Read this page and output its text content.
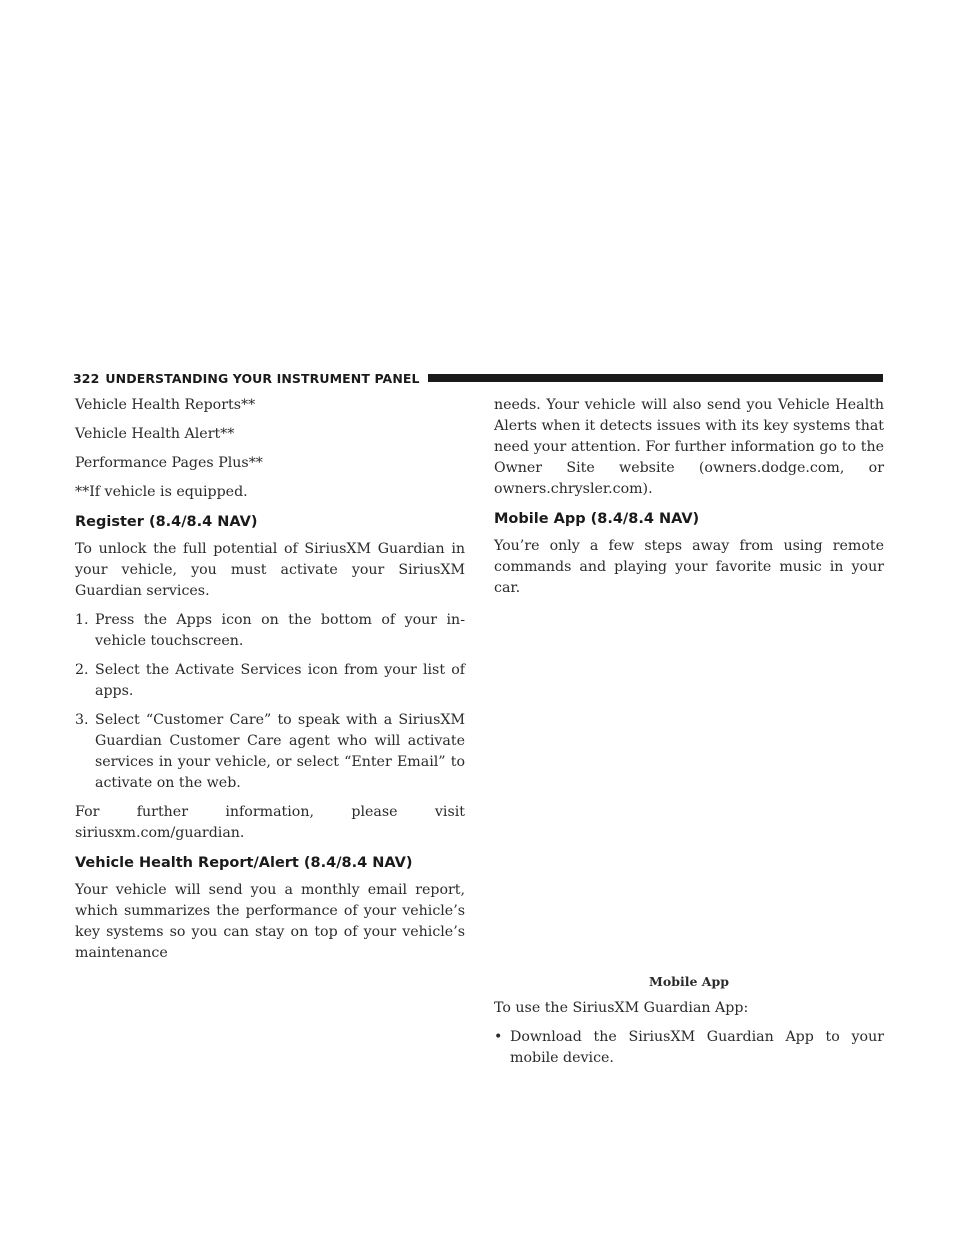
322 UNDERSTANDING YOUR INSTRUMENT PANEL

Vehicle Health Reports**

Vehicle Health Alert**

Performance Pages Plus**

**If vehicle is equipped.

Register (8.4/8.4 NAV)

To unlock the full potential of SiriusXM Guardian in your vehicle, you must activate your SiriusXM Guardian services.

1. Press the Apps icon on the bottom of your in-vehicle touchscreen.
2. Select the Activate Services icon from your list of apps.
3. Select “Customer Care” to speak with a SiriusXM Guardian Customer Care agent who will activate services in your vehicle, or select “Enter Email” to activate on the web.

For further information, please visit siriusxm.com/guardian.

Vehicle Health Report/Alert (8.4/8.4 NAV)

Your vehicle will send you a monthly email report, which summarizes the performance of your vehicle’s key systems so you can stay on top of your vehicle’s maintenance

needs. Your vehicle will also send you Vehicle Health Alerts when it detects issues with its key systems that need your attention. For further information go to the Owner Site website (owners.dodge.com, or owners.chrysler.com).

Mobile App (8.4/8.4 NAV)

You’re only a few steps away from using remote commands and playing your favorite music in your car.

Mobile App

To use the SiriusXM Guardian App:

• Download the SiriusXM Guardian App to your mobile device.
